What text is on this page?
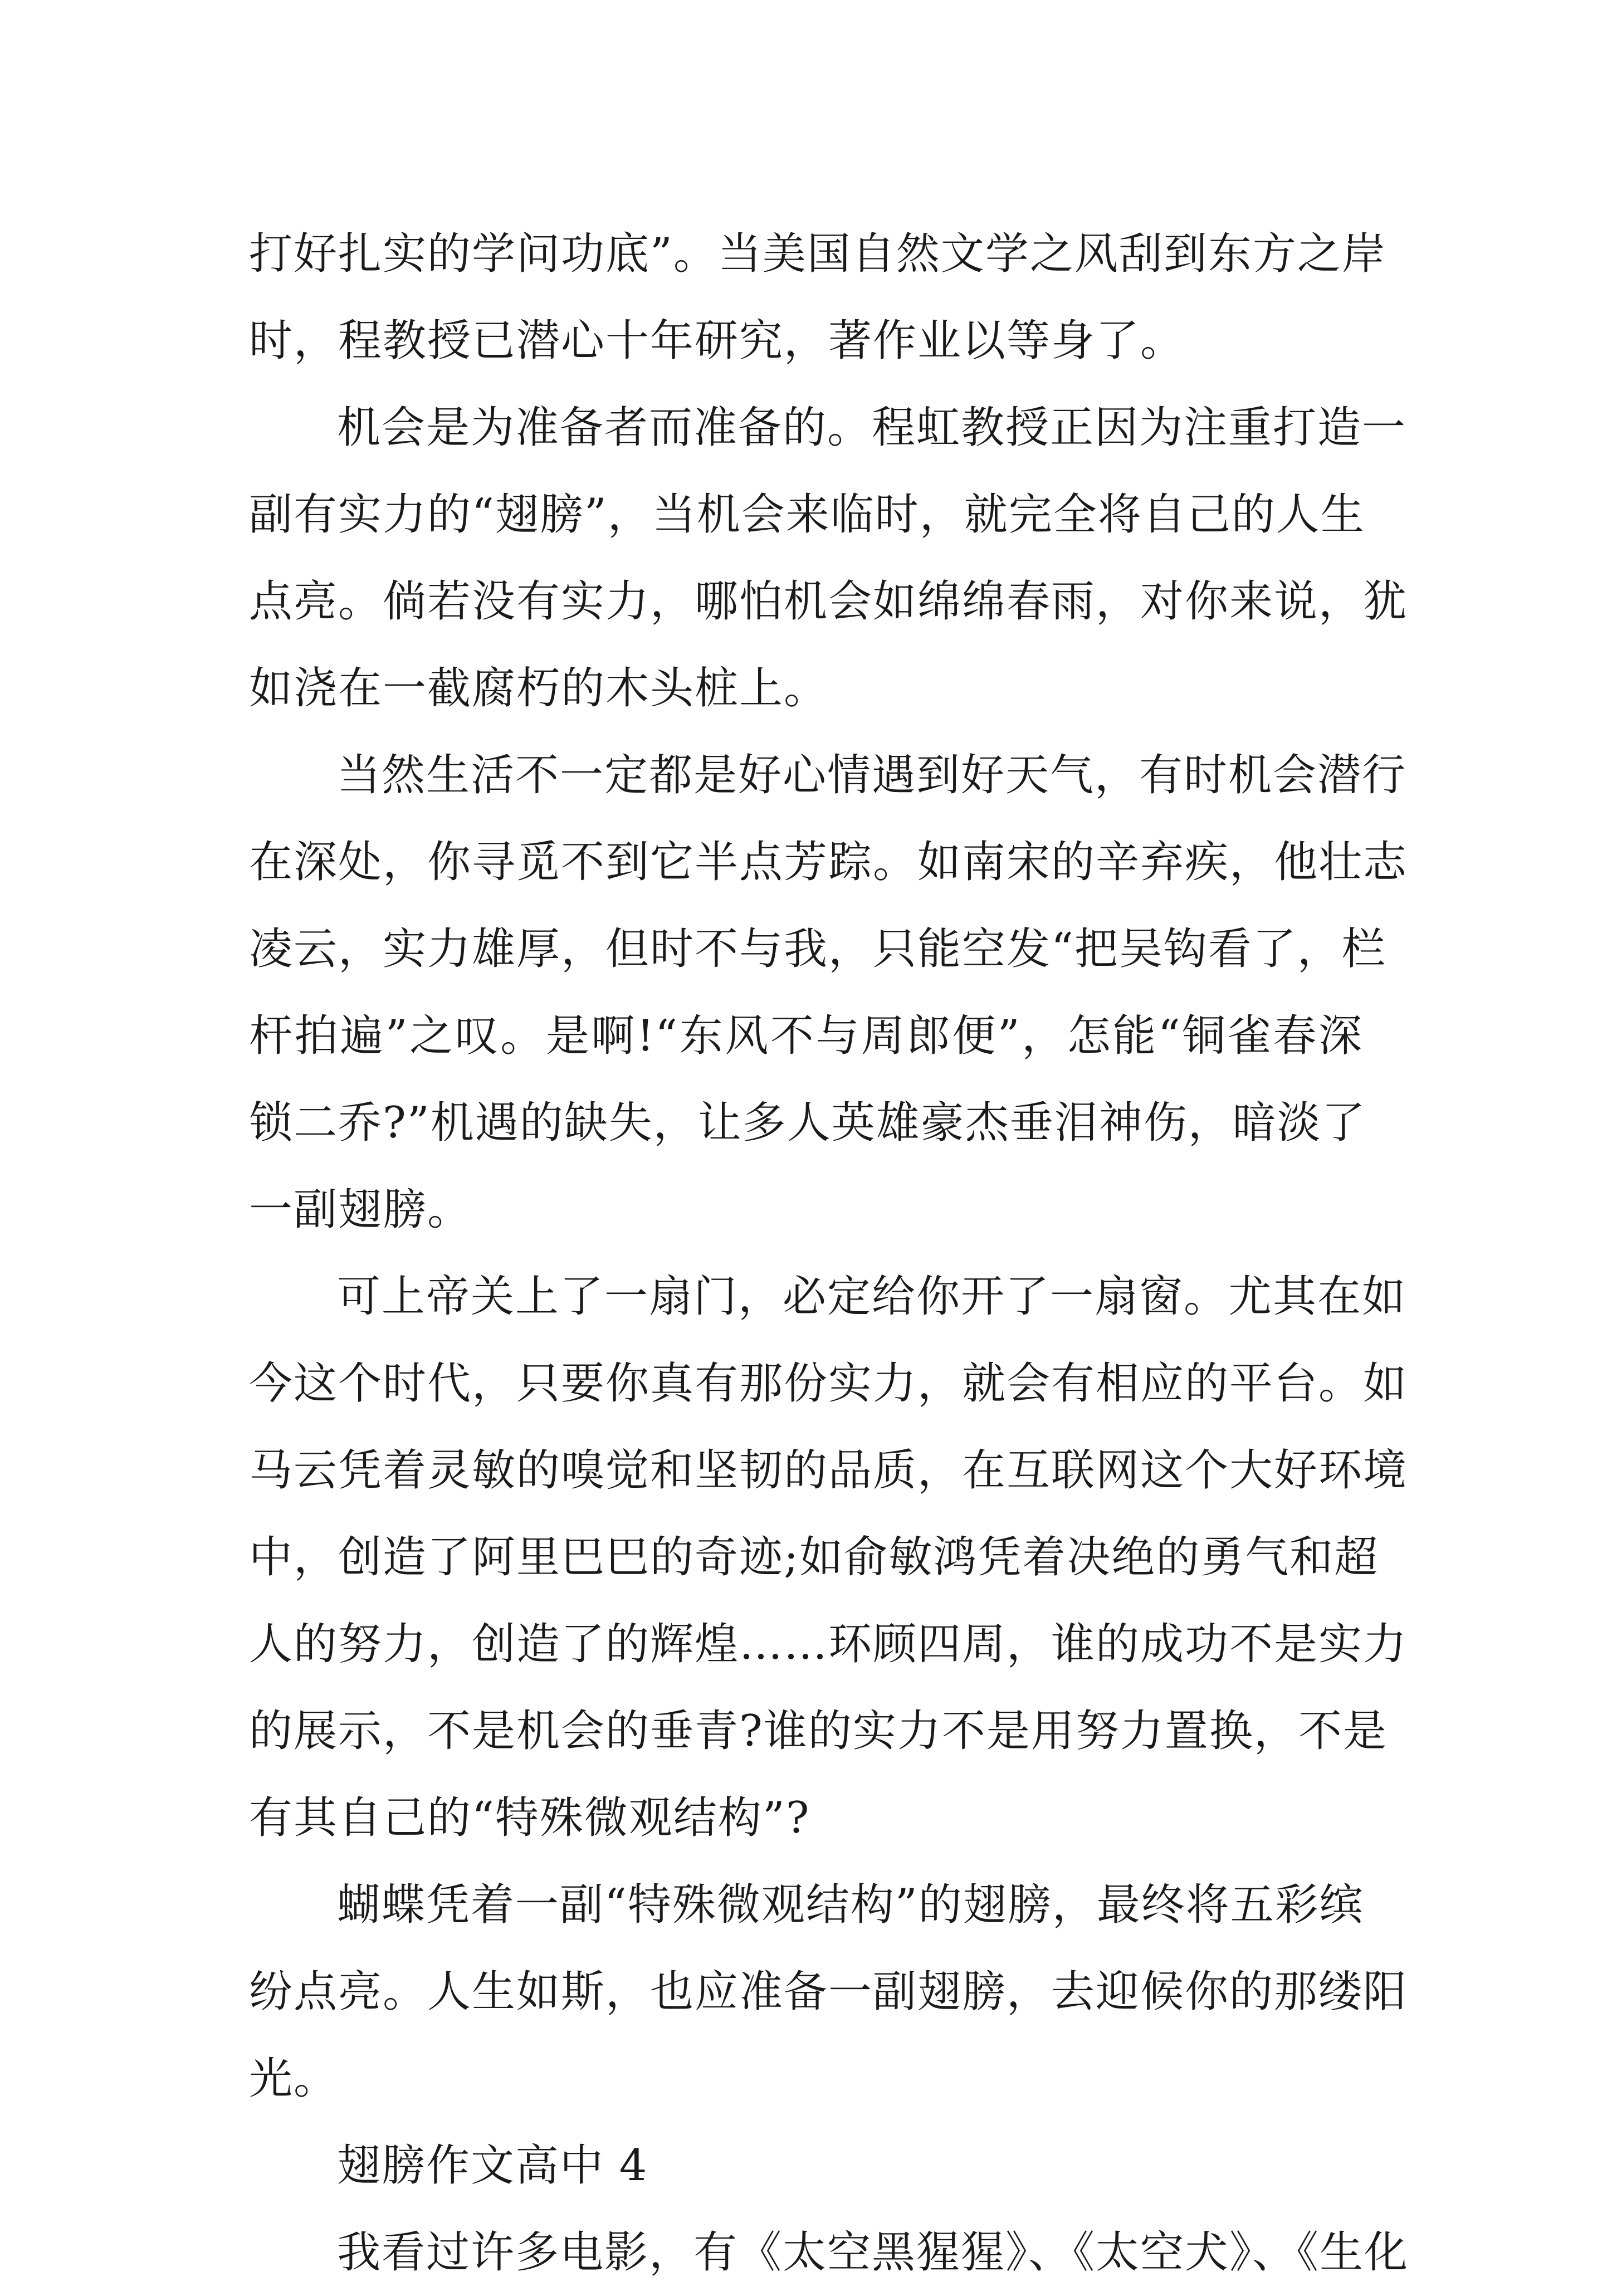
打好扎实的学问功底”。当美国自然文学之风刮到东方之岸
时，程教授已潜心十年研究，著作业以等身了。
机会是为准备者而准备的。程虹教授正因为注重打造一
副有实力的“翅膀”，当机会来临时，就完全将自己的人生
点亮。倘若没有实力，哪怕机会如绵绵春雨，对你来说，犹
如浇在一截腐朽的木头桩上。
当然生活不一定都是好心情遇到好天气，有时机会潜行
在深处，你寻觅不到它半点芳踪。如南宋的辛弃疾，他壮志
凌云，实力雄厚，但时不与我，只能空发“把吴钩看了，栏
杆拍遍”之叹。是啊!“东风不与周郎便”，怎能“铜雀春深
锁二乔?”机遇的缺失，让多人英雄豪杰垂泪神伤，暗淡了
一副翅膀。
可上帝关上了一扇门，必定给你开了一扇窗。尤其在如
今这个时代，只要你真有那份实力，就会有相应的平台。如
马云凭着灵敏的嗅觉和坚韧的品质，在互联网这个大好环境
中，创造了阿里巴巴的奇迹;如俞敏鸿凭着决绝的勇气和超
人的努力，创造了的辉煌……环顾四周，谁的成功不是实力
的展示，不是机会的垂青?谁的实力不是用努力置换，不是
有其自己的“特殊微观结构”?
蝴蝶凭着一副“特殊微观结构”的翅膀，最终将五彩缤
纷点亮。人生如斯，也应准备一副翅膀，去迎候你的那缕阳
光。
翅膀作文高中 4
我看过许多电影，有《太空黑猩猩》、《太空犬》、《生化
